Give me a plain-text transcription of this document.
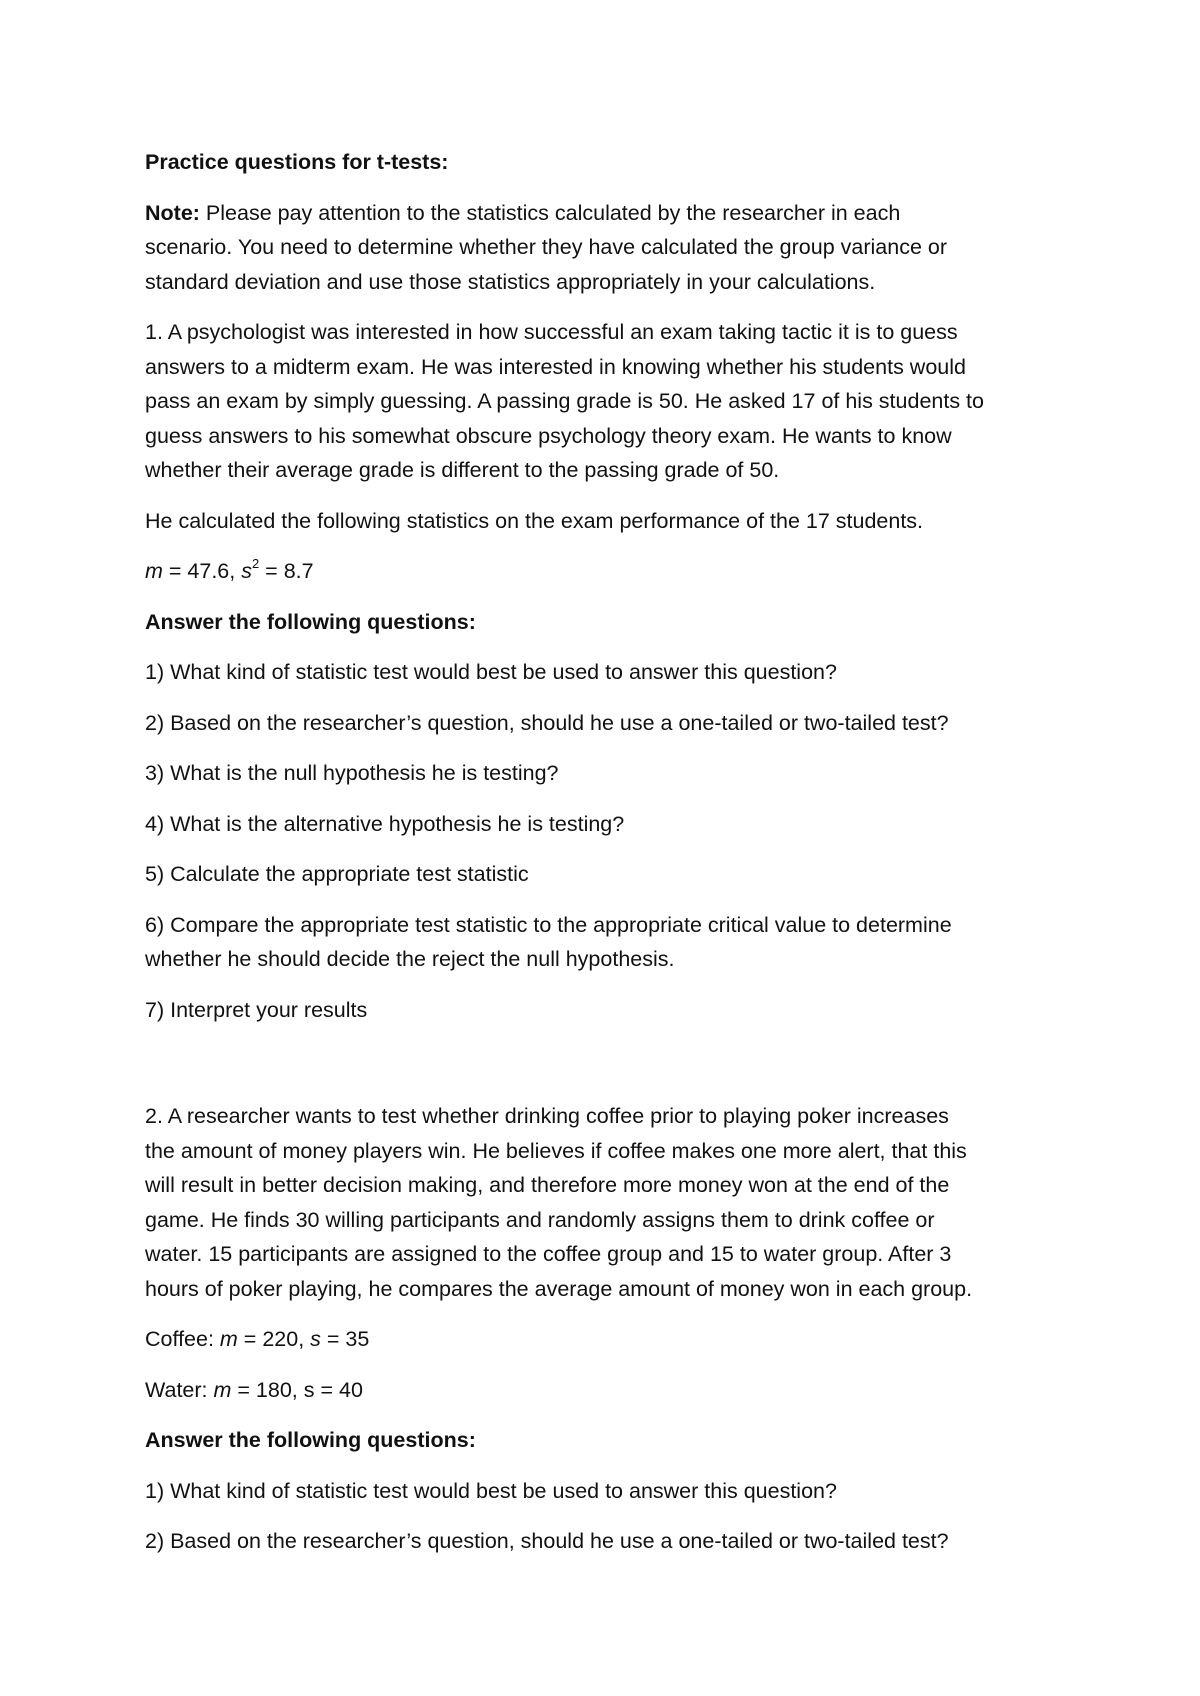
Practice questions for t-tests:

Note: Please pay attention to the statistics calculated by the researcher in each
scenario. You need to determine whether they have calculated the group variance or
standard deviation and use those statistics appropriately in your calculations.

1. A psychologist was interested in how successful an exam taking tactic it is to guess
answers to a midterm exam. He was interested in knowing whether his students would
pass an exam by simply guessing. A passing grade is 50. He asked 17 of his students to
guess answers to his somewhat obscure psychology theory exam. He wants to know
whether their average grade is different to the passing grade of 50.

He calculated the following statistics on the exam performance of the 17 students.

m = 47.6, $s^2 = 8.7$

Answer the following questions:

1) What kind of statistic test would best be used to answer this question?

2) Based on the researcher’s question, should he use a one-tailed or two-tailed test?

3) What is the null hypothesis he is testing?

4) What is the alternative hypothesis he is testing?

5) Calculate the appropriate test statistic

6) Compare the appropriate test statistic to the appropriate critical value to determine
whether he should decide the reject the null hypothesis.

7) Interpret your results

2. A researcher wants to test whether drinking coffee prior to playing poker increases
the amount of money players win. He believes if coffee makes one more alert, that this
will result in better decision making, and therefore more money won at the end of the
game. He finds 30 willing participants and randomly assigns them to drink coffee or
water. 15 participants are assigned to the coffee group and 15 to water group. After 3
hours of poker playing, he compares the average amount of money won in each group.

Coffee: m = 220, s = 35

Water: m = 180, s = 40

Answer the following questions:

1) What kind of statistic test would best be used to answer this question?

2) Based on the researcher’s question, should he use a one-tailed or two-tailed test?
